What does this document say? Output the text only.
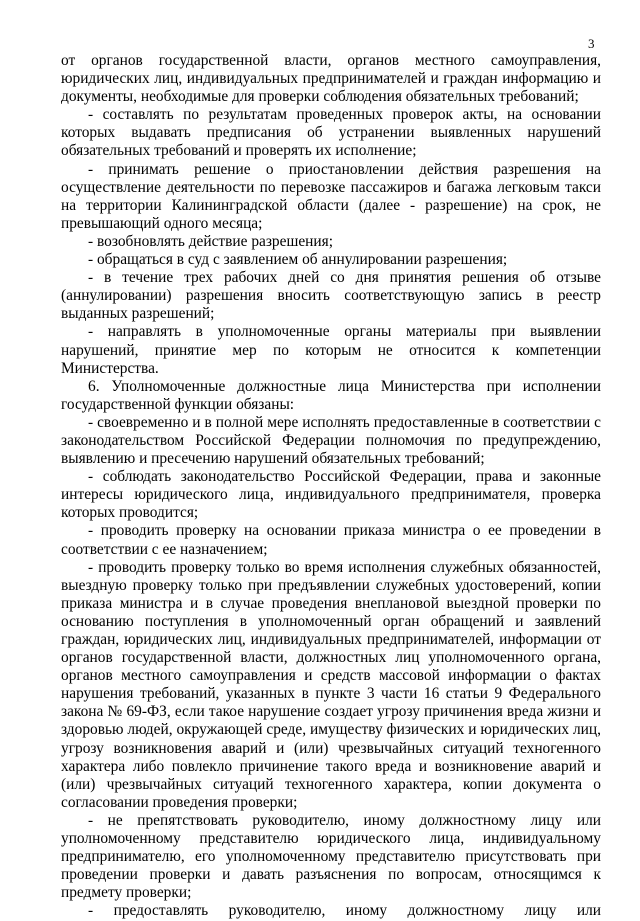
3

от органов государственной власти, органов местного самоуправления, юридических лиц, индивидуальных предпринимателей и граждан информацию и документы, необходимые для проверки соблюдения обязательных требований;

- составлять по результатам проведенных проверок акты, на основании которых выдавать предписания об устранении выявленных нарушений обязательных требований и проверять их исполнение;

- принимать решение о приостановлении действия разрешения на осуществление деятельности по перевозке пассажиров и багажа легковым такси на территории Калининградской области (далее - разрешение) на срок, не превышающий одного месяца;

- возобновлять действие разрешения;

- обращаться в суд с заявлением об аннулировании разрешения;

- в течение трех рабочих дней со дня принятия решения об отзыве (аннулировании) разрешения вносить соответствующую запись в реестр выданных разрешений;

- направлять в уполномоченные органы материалы при выявлении нарушений, принятие мер по которым не относится к компетенции Министерства.

6. Уполномоченные должностные лица Министерства при исполнении государственной функции обязаны:

- своевременно и в полной мере исполнять предоставленные в соответствии с законодательством Российской Федерации полномочия по предупреждению, выявлению и пресечению нарушений обязательных требований;

- соблюдать законодательство Российской Федерации, права и законные интересы юридического лица, индивидуального предпринимателя, проверка которых проводится;

- проводить проверку на основании приказа министра о ее проведении в соответствии с ее назначением;

- проводить проверку только во время исполнения служебных обязанностей, выездную проверку только при предъявлении служебных удостоверений, копии приказа министра и в случае проведения внеплановой выездной проверки по основанию поступления в уполномоченный орган обращений и заявлений граждан, юридических лиц, индивидуальных предпринимателей, информации от органов государственной власти, должностных лиц уполномоченного органа, органов местного самоуправления и средств массовой информации о фактах нарушения требований, указанных в пункте 3 части 16 статьи 9 Федерального закона № 69-ФЗ, если такое нарушение создает угрозу причинения вреда жизни и здоровью людей, окружающей среде, имуществу физических и юридических лиц, угрозу возникновения аварий и (или) чрезвычайных ситуаций техногенного характера либо повлекло причинение такого вреда и возникновение аварий и (или) чрезвычайных ситуаций техногенного характера, копии документа о согласовании проведения проверки;

- не препятствовать руководителю, иному должностному лицу или уполномоченному представителю юридического лица, индивидуальному предпринимателю, его уполномоченному представителю присутствовать при проведении проверки и давать разъяснения по вопросам, относящимся к предмету проверки;

- предоставлять руководителю, иному должностному лицу или
